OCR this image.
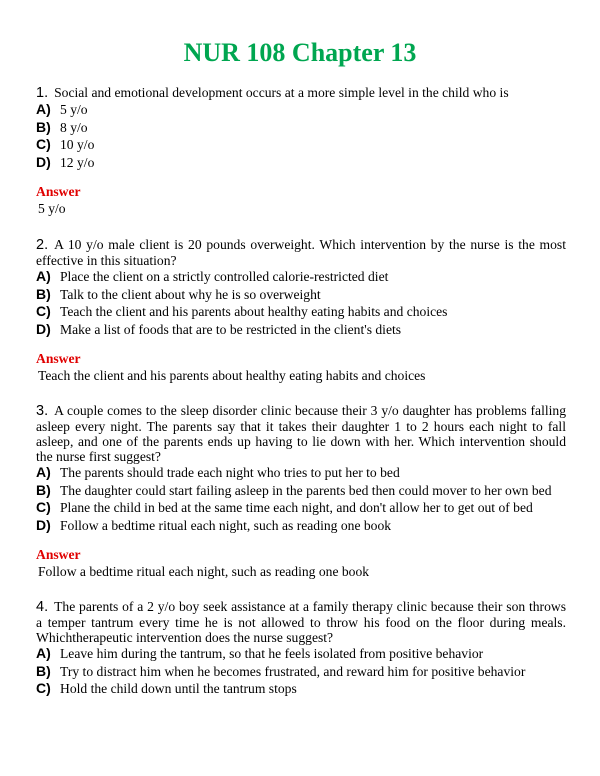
NUR 108 Chapter 13
1. Social and emotional development occurs at a more simple level in the child who is
A) 5 y/o
B) 8 y/o
C) 10 y/o
D) 12 y/o
Answer
5 y/o
2. A 10 y/o male client is 20 pounds overweight. Which intervention by the nurse is the most effective in this situation?
A) Place the client on a strictly controlled calorie-restricted diet
B) Talk to the client about why he is so overweight
C) Teach the client and his parents about healthy eating habits and choices
D) Make a list of foods that are to be restricted in the client's diets
Answer
Teach the client and his parents about healthy eating habits and choices
3. A couple comes to the sleep disorder clinic because their 3 y/o daughter has problems falling asleep every night. The parents say that it takes their daughter 1 to 2 hours each night to fall asleep, and one of the parents ends up having to lie down with her. Which intervention should the nurse first suggest?
A) The parents should trade each night who tries to put her to bed
B) The daughter could start failing asleep in the parents bed then could mover to her own bed
C) Plane the child in bed at the same time each night, and don't allow her to get out of bed
D) Follow a bedtime ritual each night, such as reading one book
Answer
Follow a bedtime ritual each night, such as reading one book
4. The parents of a 2 y/o boy seek assistance at a family therapy clinic because their son throws a temper tantrum every time he is not allowed to throw his food on the floor during meals. Whichtherapeutic intervention does the nurse suggest?
A) Leave him during the tantrum, so that he feels isolated from positive behavior
B) Try to distract him when he becomes frustrated, and reward him for positive behavior
C) Hold the child down until the tantrum stops
